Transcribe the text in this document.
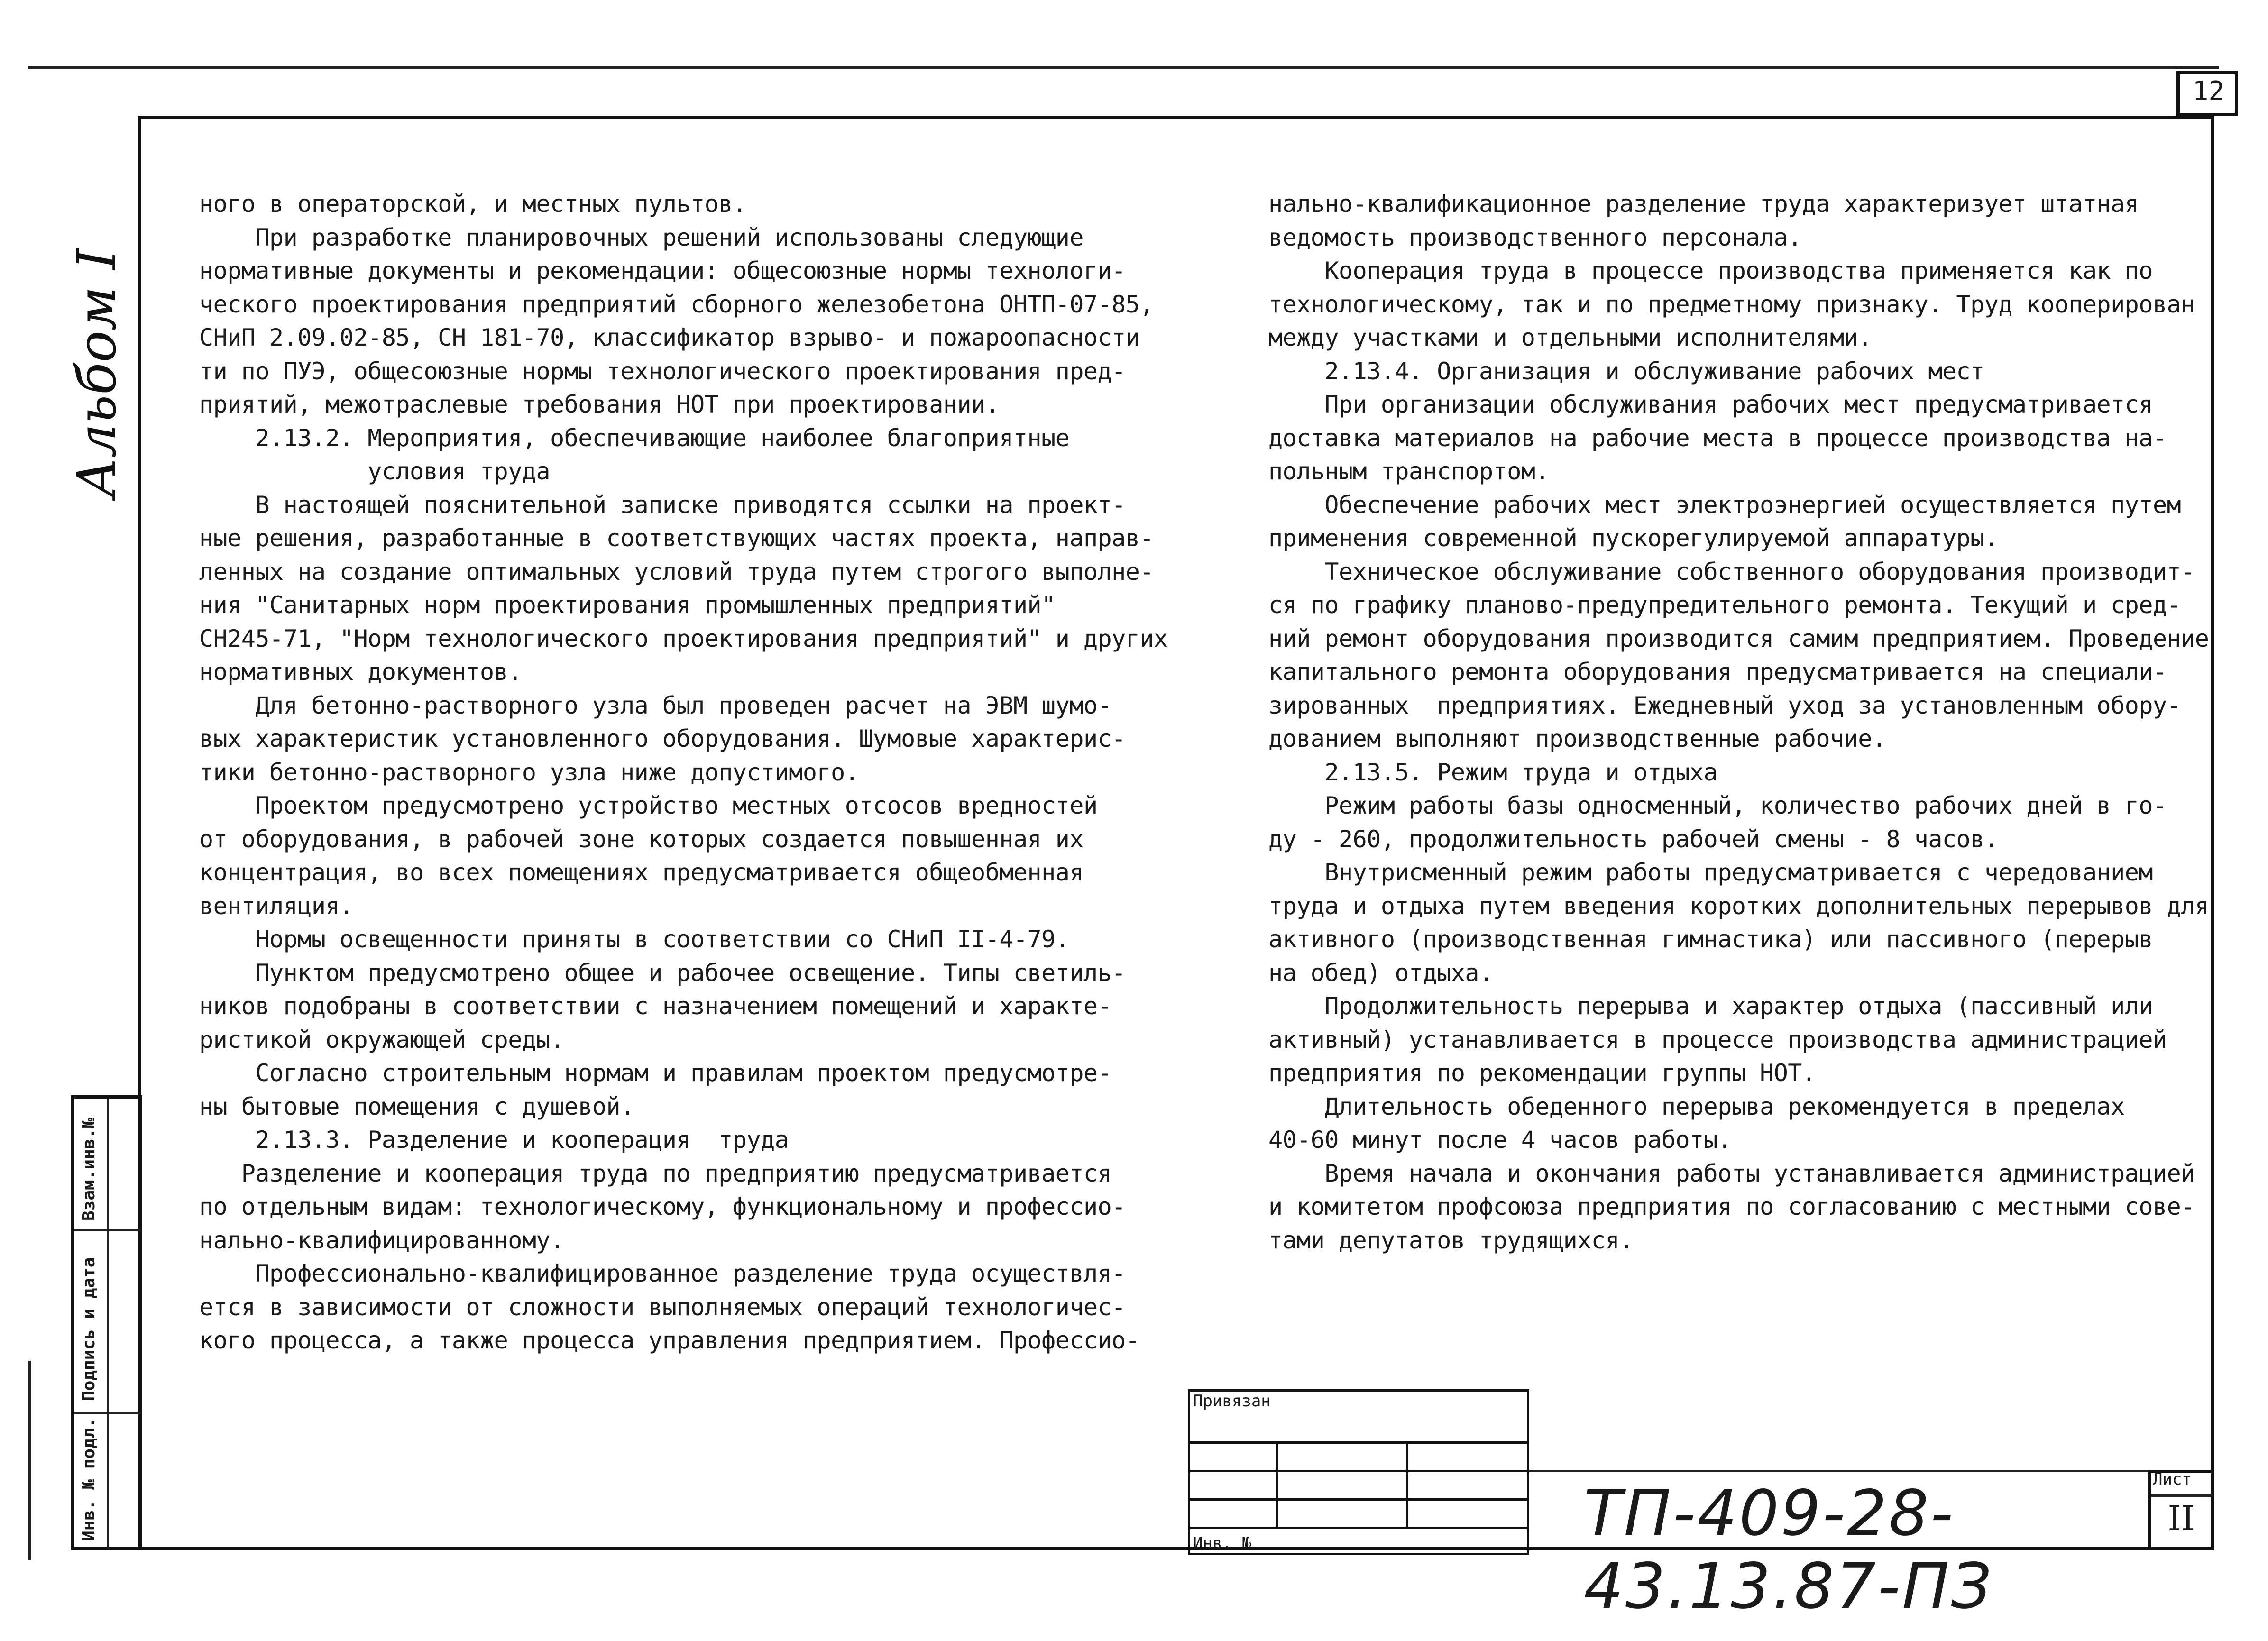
12
Альбом I
Инв. № подл.
Подпись и дата
Взам.инв.№
ного в операторской, и местных пультов.
При разработке планировочных решений использованы следующие
нормативные документы и рекомендации: общесоюзные нормы технологи-
ческого проектирования предприятий сборного железобетона ОНТП-07-85,
СНиП 2.09.02-85, СН 181-70, классификатор взрыво- и пожароопасности
ти по ПУЭ, общесоюзные нормы технологического проектирования пред-
приятий, межотраслевые требования НОТ при проектировании.
2.13.2. Мероприятия, обеспечивающие наиболее благоприятные
условия труда
В настоящей пояснительной записке приводятся ссылки на проект-
ные решения, разработанные в соответствующих частях проекта, направ-
ленных на создание оптимальных условий труда путем строгого выполне-
ния "Санитарных норм проектирования промышленных предприятий"
СН245-71, "Норм технологического проектирования предприятий" и других
нормативных документов.
Для бетонно-растворного узла был проведен расчет на ЭВМ шумо-
вых характеристик установленного оборудования. Шумовые характерис-
тики бетонно-растворного узла ниже допустимого.
Проектом предусмотрено устройство местных отсосов вредностей
от оборудования, в рабочей зоне которых создается повышенная их
концентрация, во всех помещениях предусматривается общеобменная
вентиляция.
Нормы освещенности приняты в соответствии со СНиП II-4-79.
Пунктом предусмотрено общее и рабочее освещение. Типы светиль-
ников подобраны в соответствии с назначением помещений и характе-
ристикой окружающей среды.
Согласно строительным нормам и правилам проектом предусмотре-
ны бытовые помещения с душевой.
2.13.3. Разделение и кооперация  труда
Разделение и кооперация труда по предприятию предусматривается
по отдельным видам: технологическому, функциональному и профессио-
нально-квалифицированному.
Профессионально-квалифицированное разделение труда осуществля-
ется в зависимости от сложности выполняемых операций технологичес-
кого процесса, а также процесса управления предприятием. Профессио-
нально-квалификационное разделение труда характеризует штатная
ведомость производственного персонала.
Кооперация труда в процессе производства применяется как по
технологическому, так и по предметному признаку. Труд кооперирован
между участками и отдельными исполнителями.
2.13.4. Организация и обслуживание рабочих мест
При организации обслуживания рабочих мест предусматривается
доставка материалов на рабочие места в процессе производства на-
польным транспортом.
Обеспечение рабочих мест электроэнергией осуществляется путем
применения современной пускорегулируемой аппаратуры.
Техническое обслуживание собственного оборудования производит-
ся по графику планово-предупредительного ремонта. Текущий и сред-
ний ремонт оборудования производится самим предприятием. Проведение
капитального ремонта оборудования предусматривается на специали-
зированных  предприятиях. Ежедневный уход за установленным обору-
дованием выполняют производственные рабочие.
2.13.5. Режим труда и отдыха
Режим работы базы односменный, количество рабочих дней в го-
ду - 260, продолжительность рабочей смены - 8 часов.
Внутрисменный режим работы предусматривается с чередованием
труда и отдыха путем введения коротких дополнительных перерывов для
активного (производственная гимнастика) или пассивного (перерыв
на обед) отдыха.
Продолжительность перерыва и характер отдыха (пассивный или
активный) устанавливается в процессе производства администрацией
предприятия по рекомендации группы НОТ.
Длительность обеденного перерыва рекомендуется в пределах
40-60 минут после 4 часов работы.
Время начала и окончания работы устанавливается администрацией
и комитетом профсоюза предприятия по согласованию с местными сове-
тами депутатов трудящихся.
Привязан		

Инв. №			ТП-409-28-43.13.87-ПЗ
Лист
II
